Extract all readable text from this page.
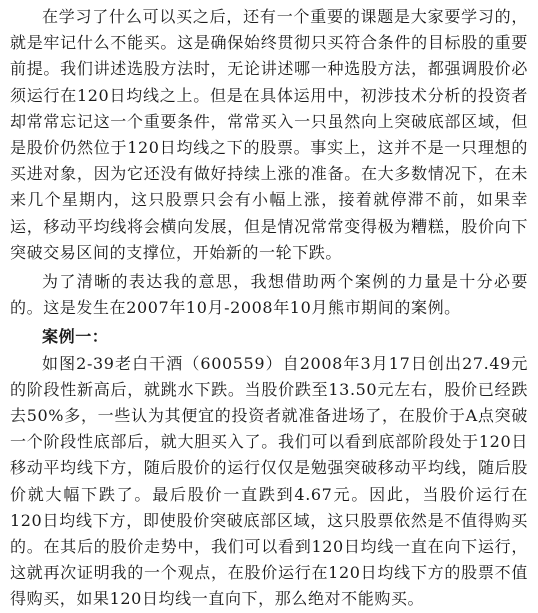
在学习了什么可以买之后，还有一个重要的课题是大家要学习的，就是牢记什么不能买。这是确保始终贯彻只买符合条件的目标股的重要前提。我们讲述选股方法时，无论讲述哪一种选股方法，都强调股价必须运行在120日均线之上。但是在具体运用中，初涉技术分析的投资者却常常忘记这一个重要条件，常常买入一只虽然向上突破底部区域，但是股价仍然位于120日均线之下的股票。事实上，这并不是一只理想的买进对象，因为它还没有做好持续上涨的准备。在大多数情况下，在未来几个星期内，这只股票只会有小幅上涨，接着就停滞不前，如果幸运，移动平均线将会横向发展，但是情况常常变得极为糟糕，股价向下突破交易区间的支撑位，开始新的一轮下跌。

为了清晰的表达我的意思，我想借助两个案例的力量是十分必要的。这是发生在2007年10月-2008年10月熊市期间的案例。

案例一：

如图2-39老白干酒（600559）自2008年3月17日创出27.49元的阶段性新高后，就跳水下跌。当股价跌至13.50元左右，股价已经跌去50%多，一些认为其便宜的投资者就准备进场了，在股价于A点突破一个阶段性底部后，就大胆买入了。我们可以看到底部阶段处于120日移动平均线下方，随后股价的运行仅仅是勉强突破移动平均线，随后股价就大幅下跌了。最后股价一直跌到4.67元。因此，当股价运行在120日均线下方，即使股价突破底部区域，这只股票依然是不值得购买的。在其后的股价走势中，我们可以看到120日均线一直在向下运行，这就再次证明我的一个观点，在股价运行在120日均线下方的股票不值得购买，如果120日均线一直向下，那么绝对不能购买。
